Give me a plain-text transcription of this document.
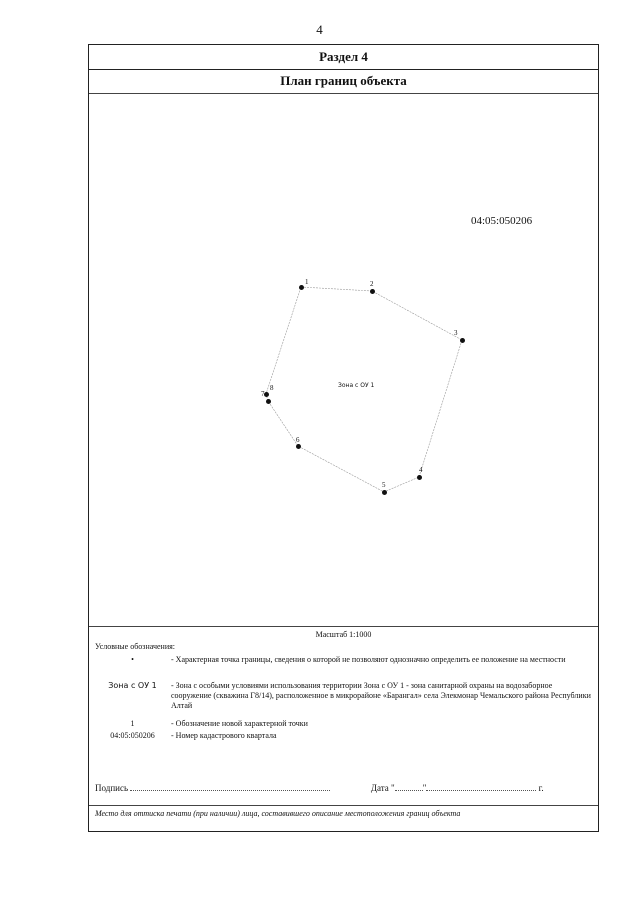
4
Раздел 4
План границ объекта
04:05:050206
Зона с ОУ 1
1	2
3
4
5
6
7
8
Масштаб 1:1000
Условные обозначения:
•	- Характерная точка границы, сведения о которой не позволяют однозначно определить ее положение на местности
Зона с ОУ 1	- Зона с особыми условиями использования территории Зона с ОУ 1 - зона санитарной охраны на водозаборное сооружение (скважина Г8/14), расположенное в микрорайоне «Барангал» села Элекмонар Чемальского района Республики Алтай
1	- Обозначение новой характерной точки
04:05:050206	- Номер кадастрового квартала
Подпись	Дата "	"	г.
Место для оттиска печати (при наличии) лица, составившего описание местоположения границ объекта
